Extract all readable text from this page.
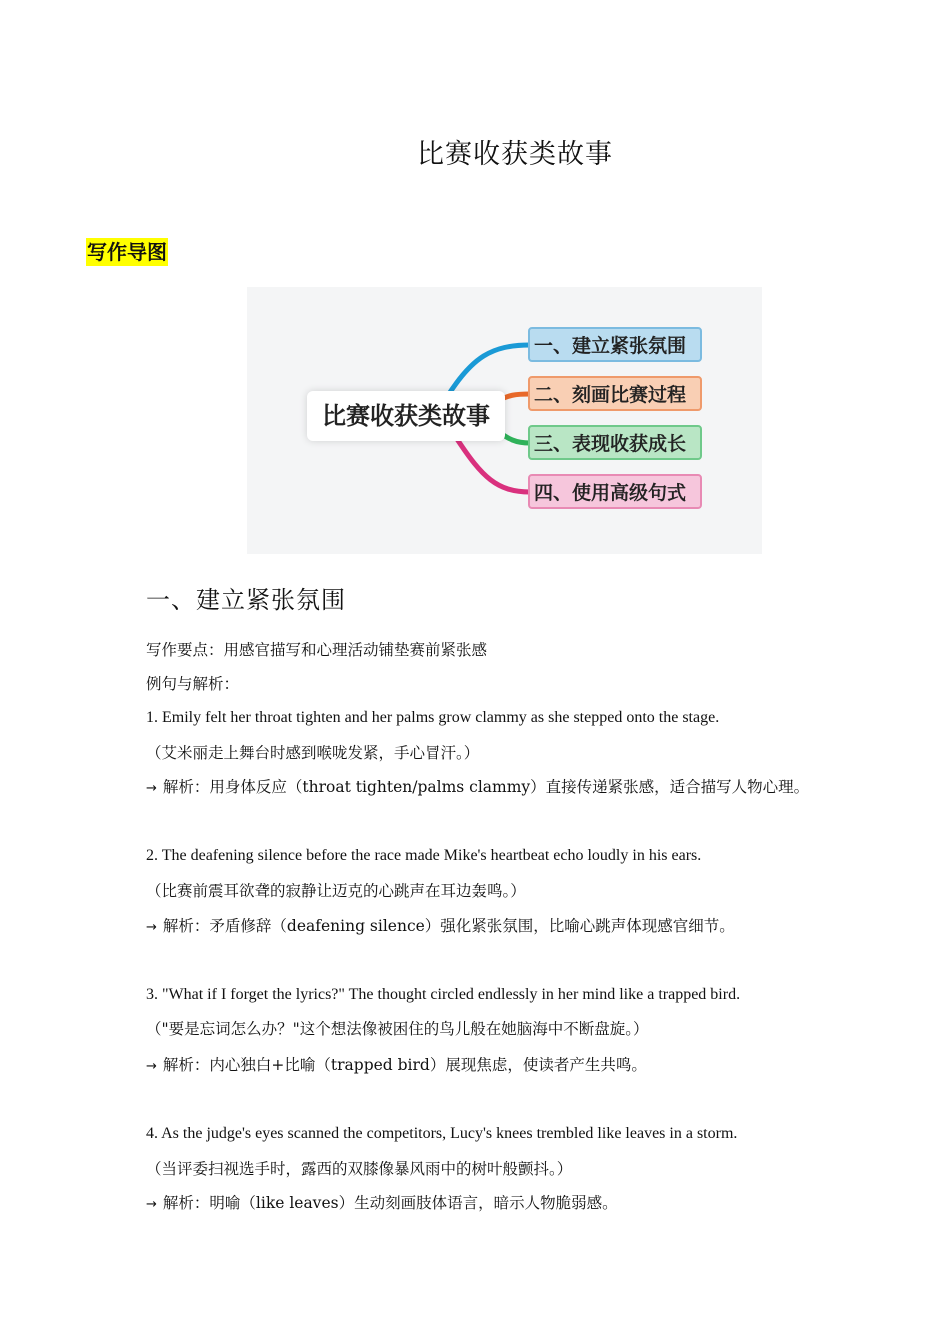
比赛收获类故事
写作导图
比赛收获类故事
一、建立紧张氛围
二、刻画比赛过程
三、表现收获成长
四、使用高级句式
一、建立紧张氛围
写作要点：用感官描写和心理活动铺垫赛前紧张感
例句与解析：
1. Emily felt her throat tighten and her palms grow clammy as she stepped onto the stage.
（艾米丽走上舞台时感到喉咙发紧，手心冒汗。）
→ 解析：用身体反应（throat tighten/palms clammy）直接传递紧张感，适合描写人物心理。
2. The deafening silence before the race made Mike's heartbeat echo loudly in his ears.
（比赛前震耳欲聋的寂静让迈克的心跳声在耳边轰鸣。）
→ 解析：矛盾修辞（deafening silence）强化紧张氛围，比喻心跳声体现感官细节。
3. "What if I forget the lyrics?" The thought circled endlessly in her mind like a trapped bird.
（"要是忘词怎么办？"这个想法像被困住的鸟儿般在她脑海中不断盘旋。）
→ 解析：内心独白+比喻（trapped bird）展现焦虑，使读者产生共鸣。
4. As the judge's eyes scanned the competitors, Lucy's knees trembled like leaves in a storm.
（当评委扫视选手时，露西的双膝像暴风雨中的树叶般颤抖。）
→ 解析：明喻（like leaves）生动刻画肢体语言，暗示人物脆弱感。
